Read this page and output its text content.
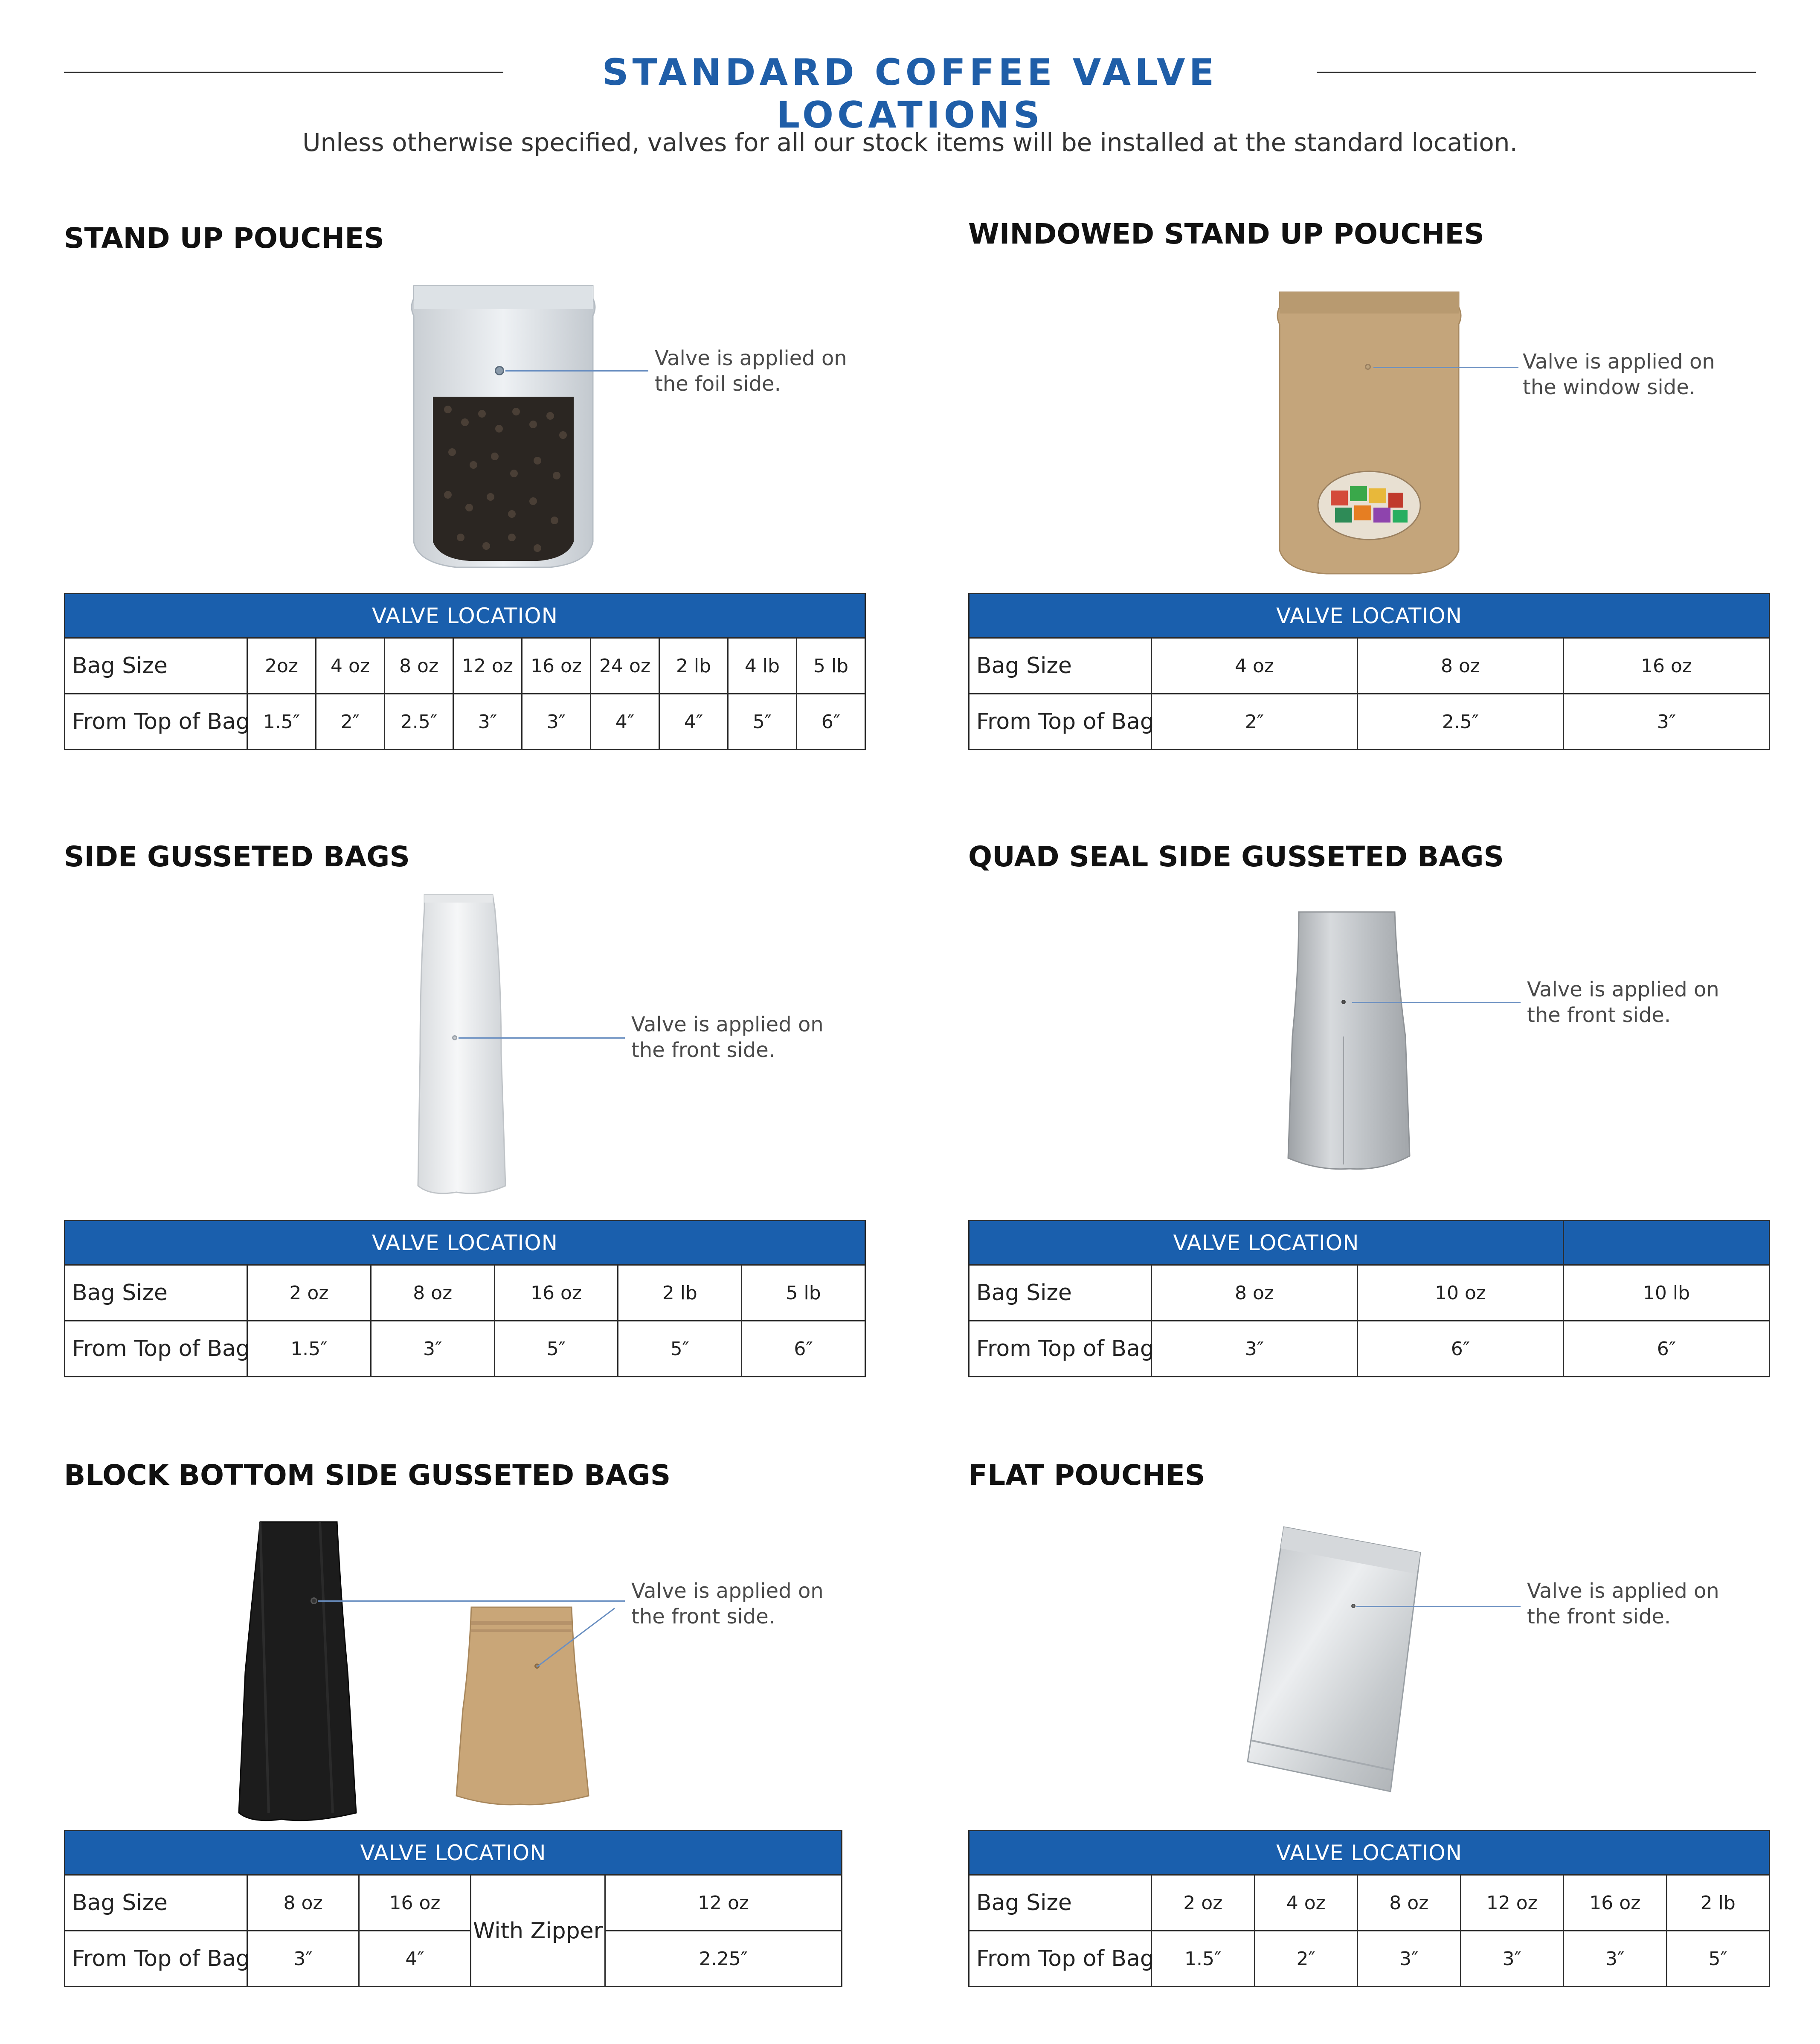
STANDARD COFFEE VALVE LOCATIONS

Unless otherwise specified, valves for all our stock items will be installed at the standard location.

STAND UP POUCHES
Valve is applied on
the foil side.
VALVE LOCATION									
Bag Size	2oz	4 oz	8 oz	12 oz	16 oz	24 oz	2 lb	4 lb	5 lb
From Top of Bag	1.5″	2″	2.5″	3″	3″	4″	4″	5″	6″
WINDOWED STAND UP POUCHES
Valve is applied on
the window side.
VALVE LOCATION			
Bag Size	4 oz	8 oz	16 oz
From Top of Bag	2″	2.5″	3″
SIDE GUSSETED BAGS
Valve is applied on
the front side.
VALVE LOCATION					
Bag Size	2 oz	8 oz	16 oz	2 lb	5 lb
From Top of Bag	1.5″	3″	5″	5″	6″
QUAD SEAL SIDE GUSSETED BAGS
Valve is applied on
the front side.
VALVE LOCATION			
Bag Size	8 oz	10 oz	10 lb
From Top of Bag	3″	6″	6″
BLOCK BOTTOM SIDE GUSSETED BAGS
Valve is applied on
the front side.
VALVE LOCATION				
Bag Size	8 oz	16 oz	With Zipper	12 oz
From Top of Bag	3″	4″		2.25″
FLAT POUCHES
Valve is applied on
the front side.
VALVE LOCATION						
Bag Size	2 oz	4 oz	8 oz	12 oz	16 oz	2 lb
From Top of Bag	1.5″	2″	3″	3″	3″	5″
